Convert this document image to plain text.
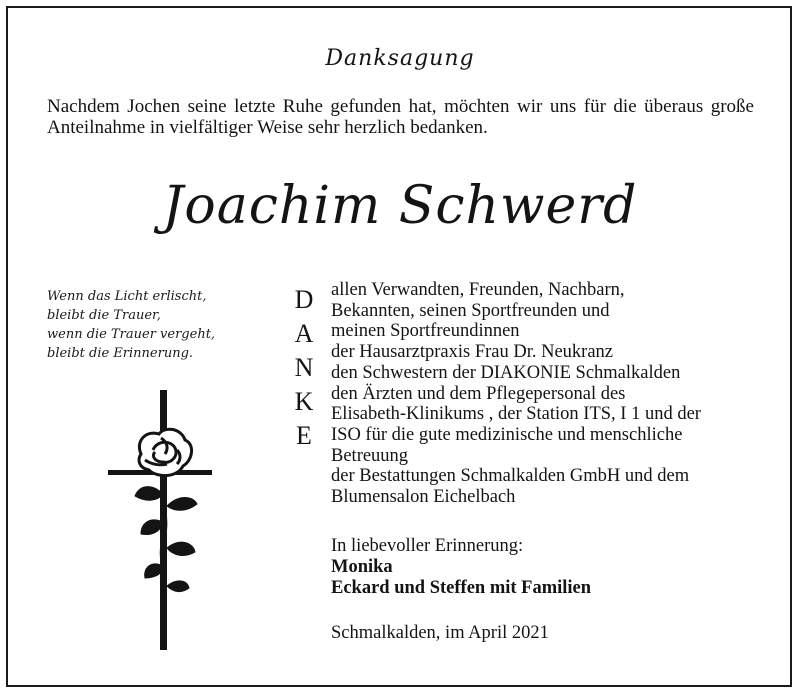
Danksagung
Nachdem Jochen seine letzte Ruhe gefunden hat, möchten wir uns für die überaus große Anteilnahme in vielfältiger Weise sehr herzlich bedanken.
Joachim Schwerd
Wenn das Licht erlischt,
bleibt die Trauer,
wenn die Trauer vergeht,
bleibt die Erinnerung.
D
A
N
K
E
allen Verwandten, Freunden, Nachbarn,
Bekannten, seinen Sportfreunden und
meinen Sportfreundinnen
der Hausarztpraxis Frau Dr. Neukranz
den Schwestern der DIAKONIE Schmalkalden
den Ärzten und dem Pflegepersonal des
Elisabeth-Klinikums , der Station ITS, I 1 und der
ISO für die gute medizinische und menschliche
Betreuung
der Bestattungen Schmalkalden GmbH und dem
Blumensalon Eichelbach
In liebevoller Erinnerung:
Monika
Eckard und Steffen mit Familien
Schmalkalden, im April 2021
